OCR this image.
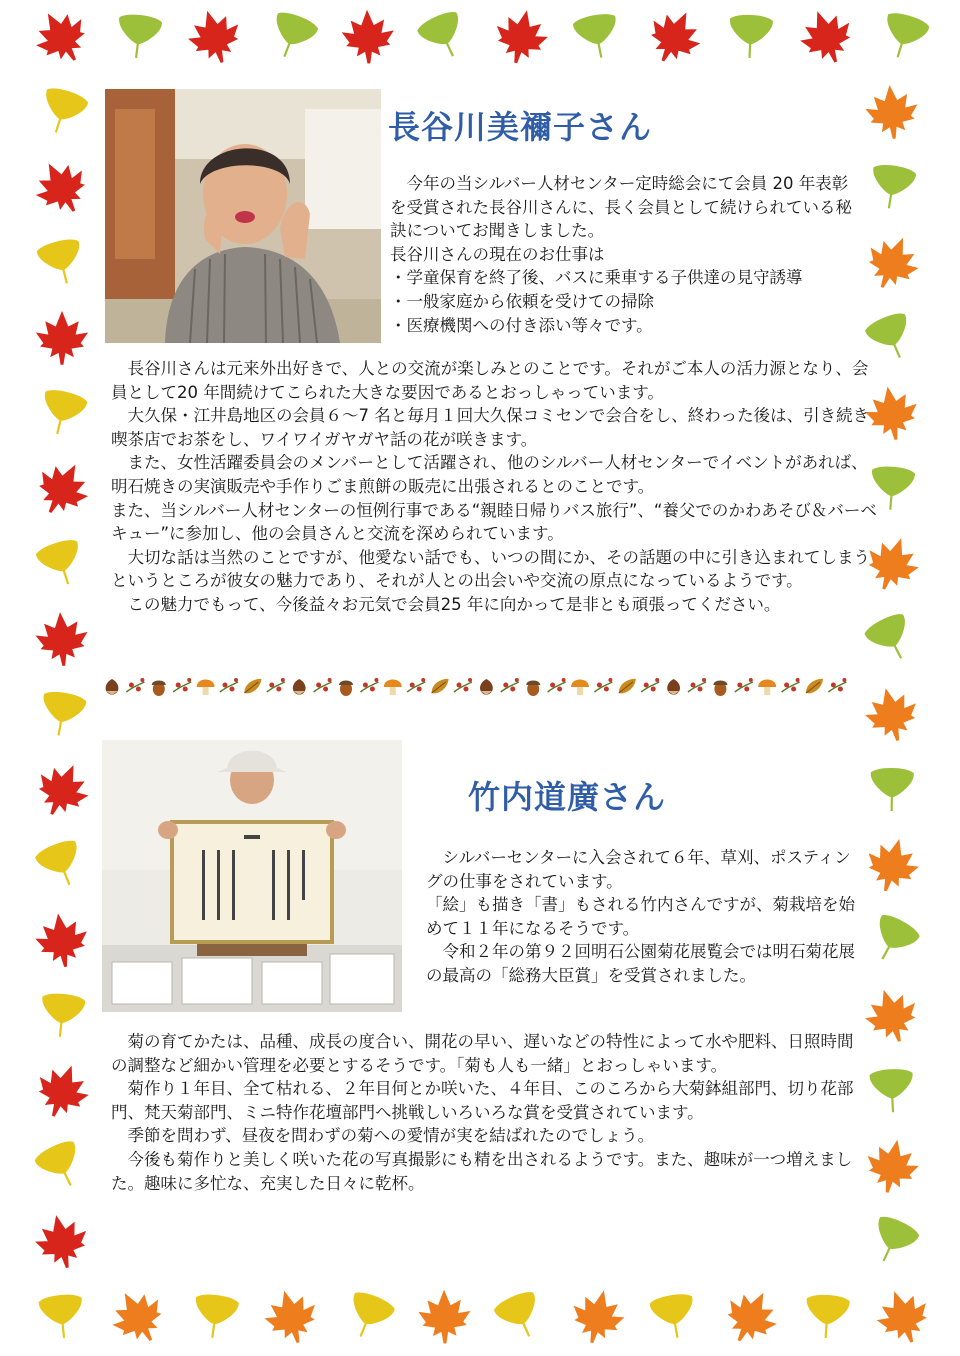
長谷川美禰子さん

今年の当シルバー人材センター定時総会にて会員 20 年表彰を受賞された長谷川さんに、長く会員として続けられている秘訣についてお聞きしました。

長谷川さんの現在のお仕事は

・学童保育を終了後、バスに乗車する子供達の見守誘導

・一般家庭から依頼を受けての掃除

・医療機関への付き添い等々です。

長谷川さんは元来外出好きで、人との交流が楽しみとのことです。それがご本人の活力源となり、会員として20 年間続けてこられた大きな要因であるとおっしゃっています。

大久保・江井島地区の会員６～7 名と毎月１回大久保コミセンで会合をし、終わった後は、引き続き喫茶店でお茶をし、ワイワイガヤガヤ話の花が咲きます。

また、女性活躍委員会のメンバーとして活躍され、他のシルバー人材センターでイベントがあれば、明石焼きの実演販売や手作りごま煎餅の販売に出張されるとのことです。

また、当シルバー人材センターの恒例行事である“親睦日帰りバス旅行”、“養父でのかわあそび＆バーベキュー”に参加し、他の会員さんと交流を深められています。

大切な話は当然のことですが、他愛ない話でも、いつの間にか、その話題の中に引き込まれてしまうというところが彼女の魅力であり、それが人との出会いや交流の原点になっているようです。

この魅力でもって、今後益々お元気で会員25 年に向かって是非とも頑張ってください。

竹内道廣さん

シルバーセンターに入会されて６年、草刈、ポスティングの仕事をされています。

「絵」も描き「書」もされる竹内さんですが、菊栽培を始めて１１年になるそうです。

令和２年の第９２回明石公園菊花展覧会では明石菊花展の最高の「総務大臣賞」を受賞されました。

菊の育てかたは、品種、成長の度合い、開花の早い、遅いなどの特性によって水や肥料、日照時間の調整など細かい管理を必要とするそうです。「菊も人も一緒」とおっしゃいます。

菊作り１年目、全て枯れる、２年目何とか咲いた、４年目、このころから大菊鉢組部門、切り花部門、梵天菊部門、ミニ特作花壇部門へ挑戦しいろいろな賞を受賞されています。

季節を問わず、昼夜を問わずの菊への愛情が実を結ばれたのでしょう。

今後も菊作りと美しく咲いた花の写真撮影にも精を出されるようです。また、趣味が一つ増えました。趣味に多忙な、充実した日々に乾杯。
